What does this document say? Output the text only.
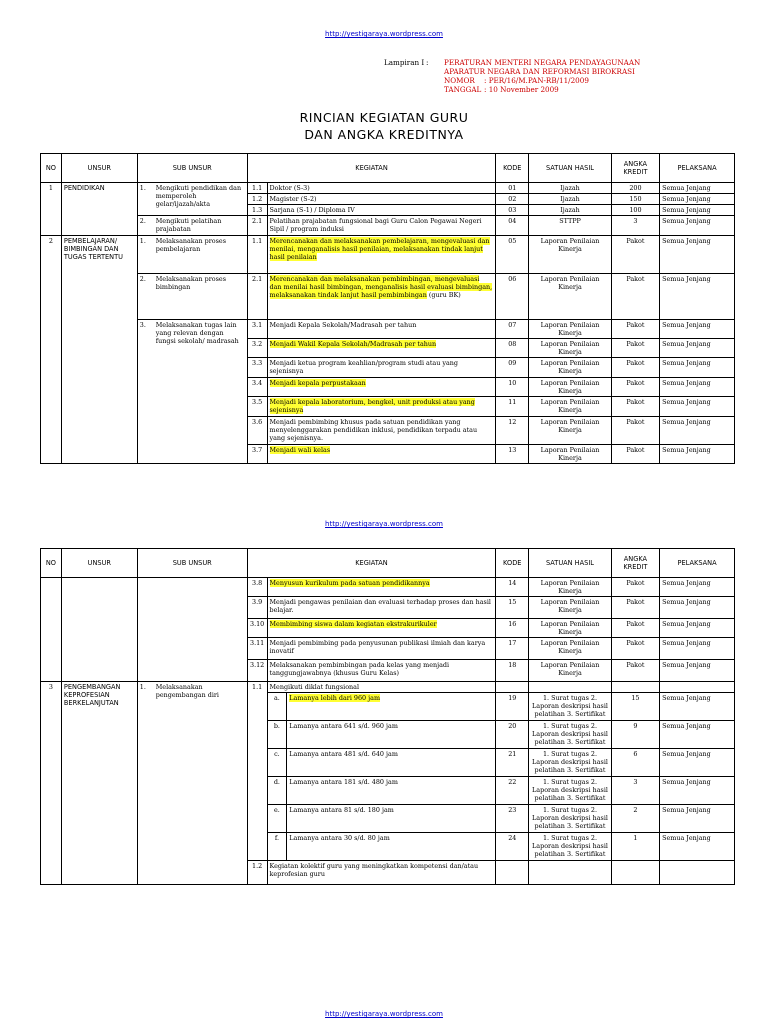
http://yestigaraya.wordpress.com
Lampiran I : PERATURAN MENTERI NEGARA PENDAYAGUNAAN
APARATUR NEGARA DAN REFORMASI BIROKRASI
NOMOR : PER/16/M.PAN-RB/11/2009
TANGGAL : 10 November 2009
RINCIAN KEGIATAN GURU
DAN ANGKA KREDITNYA
NO	UNSUR	SUB UNSUR		KEGIATAN		KODE	SATUAN HASIL	ANGKA KREDIT	PELAKSANA
1	PENDIDIKAN	1.	Mengikuti pendidikan dan memperoleh gelar/ijazah/akta	1.1	Doktor (S-3)	01	Ijazah	200	Semua Jenjang
				1.2	Magister (S-2)	02	Ijazah	150	Semua Jenjang
				1.3	Sarjana (S-1) / Diploma IV	03	Ijazah	100	Semua Jenjang
		2.	Mengikuti pelatihan prajabatan	2.1	Pelatihan prajabatan fungsional bagi Guru Calon Pegawai Negeri Sipil / program induksi	04	STTPP	3	Semua Jenjang
2	PEMBELAJARAN/ BIMBINGAN DAN TUGAS TERTENTU	1.	Melaksanakan proses pembelajaran	1.1	Merencanakan dan melaksanakan pembelajaran, mengevaluasi dan menilai, menganalisis hasil penilaian, melaksanakan tindak lanjut hasil penilaian	05	Laporan Penilaian Kinerja	Pakot	Semua Jenjang
		2.	Melaksanakan proses bimbingan	2.1	Merencanakan dan melaksanakan pembimbingan, mengevaluasi dan menilai hasil bimbingan, menganalisis hasil evaluasi bimbingan, melaksanakan tindak lanjut hasil pembimbingan (guru BK)	06	Laporan Penilaian Kinerja	Pakot	Semua Jenjang
		3.	Melaksanakan tugas lain yang relevan dengan fungsi sekolah/ madrasah	3.1	Menjadi Kepala Sekolah/Madrasah per tahun	07	Laporan Penilaian Kinerja	Pakot	Semua Jenjang
				3.2	Menjadi Wakil Kepala Sekolah/Madrasah per tahun	08	Laporan Penilaian Kinerja	Pakot	Semua Jenjang
				3.3	Menjadi ketua program keahlian/program studi atau yang sejenisnya	09	Laporan Penilaian Kinerja	Pakot	Semua Jenjang
				3.4	Menjadi kepala perpustakaan	10	Laporan Penilaian Kinerja	Pakot	Semua Jenjang
				3.5	Menjadi kepala laboratorium, bengkel, unit produksi atau yang sejenisnya	11	Laporan Penilaian Kinerja	Pakot	Semua Jenjang
				3.6	Menjadi pembimbing khusus pada satuan pendidikan yang menyelenggarakan pendidikan inklusi, pendidikan terpadu atau yang sejenisnya.	12	Laporan Penilaian Kinerja	Pakot	Semua Jenjang
				3.7	Menjadi wali kelas	13	Laporan Penilaian Kinerja	Pakot	Semua Jenjang
http://yestigaraya.wordpress.com
NO	UNSUR	SUB UNSUR		KEGIATAN			KODE	SATUAN HASIL	ANGKA KREDIT	PELAKSANA
				3.8	Menyusun kurikulum pada satuan pendidikannya		14	Laporan Penilaian Kinerja	Pakot	Semua Jenjang
				3.9	Menjadi pengawas penilaian dan evaluasi terhadap proses dan hasil belajar.		15	Laporan Penilaian Kinerja	Pakot	Semua Jenjang
				3.10	Membimbing siswa dalam kegiatan ekstrakurikuler		16	Laporan Penilaian Kinerja	Pakot	Semua Jenjang
				3.11	Menjadi pembimbing pada penyusunan publikasi ilmiah dan karya inovatif		17	Laporan Penilaian Kinerja	Pakot	Semua Jenjang
				3.12	Melaksanakan pembimbingan pada kelas yang menjadi tanggungjawabnya (khusus Guru Kelas)		18	Laporan Penilaian Kinerja	Pakot	Semua Jenjang
3	PENGEMBANGAN KEPROFESIAN BERKELANJUTAN	1.	Melaksanakan pengembangan diri	1.1	Mengikuti diklat fungsional					
					a.	Lamanya lebih dari 960 jam	19	1. Surat tugas 2. Laporan deskripsi hasil pelatihan 3. Sertifikat	15	Semua Jenjang
					b.	Lamanya antara 641 s/d. 960 jam	20	1. Surat tugas 2. Laporan deskripsi hasil pelatihan 3. Sertifikat	9	Semua Jenjang
					c.	Lamanya antara 481 s/d. 640 jam	21	1. Surat tugas 2. Laporan deskripsi hasil pelatihan 3. Sertifikat	6	Semua Jenjang
					d.	Lamanya antara 181 s/d. 480 jam	22	1. Surat tugas 2. Laporan deskripsi hasil pelatihan 3. Sertifikat	3	Semua Jenjang
					e.	Lamanya antara 81 s/d. 180 jam	23	1. Surat tugas 2. Laporan deskripsi hasil pelatihan 3. Sertifikat	2	Semua Jenjang
					f.	Lamanya antara 30 s/d. 80 jam	24	1. Surat tugas 2. Laporan deskripsi hasil pelatihan 3. Sertifikat	1	Semua Jenjang
				1.2	Kegiatan kolektif guru yang meningkatkan kompetensi dan/atau keprofesian guru					
http://yestigaraya.wordpress.com
